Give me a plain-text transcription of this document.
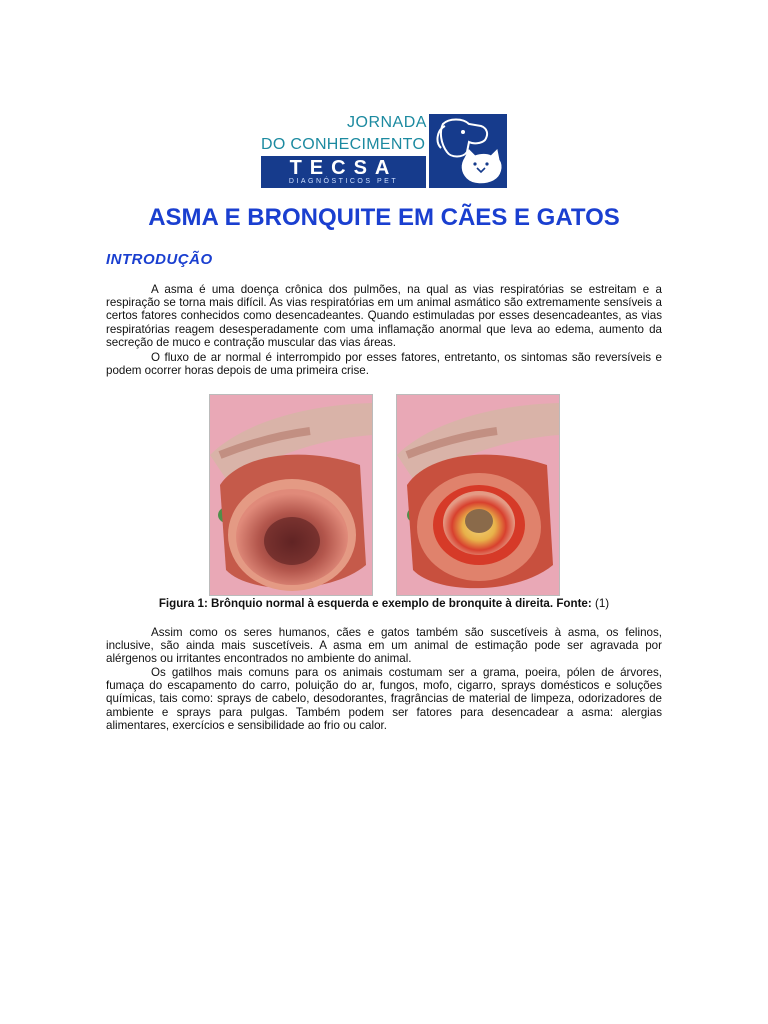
JORNADA
DO CONHECIMENTO
TECSA
DIAGNÓSTICOS PET
ASMA E BRONQUITE EM CÃES E GATOS
INTRODUÇÃO

A asma é uma doença crônica dos pulmões, na qual as vias respiratórias se estreitam e a respiração se torna mais difícil. As vias respiratórias em um animal asmático são extremamente sensíveis a certos fatores conhecidos como desencadeantes. Quando estimuladas por esses desencadeantes, as vias respiratórias reagem desesperadamente com uma inflamação anormal que leva ao edema, aumento da secreção de muco e contração muscular das vias áreas.

O fluxo de ar normal é interrompido por esses fatores, entretanto, os sintomas são reversíveis e podem ocorrer horas depois de uma primeira crise.

Figura 1: Brônquio normal à esquerda e exemplo de bronquite à direita. Fonte: (1)

Assim como os seres humanos, cães e gatos também são suscetíveis à asma, os felinos, inclusive, são ainda mais suscetíveis. A asma em um animal de estimação pode ser agravada por alérgenos ou irritantes encontrados no ambiente do animal.

Os gatilhos mais comuns para os animais costumam ser a grama, poeira, pólen de árvores, fumaça do escapamento do carro, poluição do ar, fungos, mofo, cigarro, sprays domésticos e soluções químicas, tais como: sprays de cabelo, desodorantes, fragrâncias de material de limpeza, odorizadores de ambiente e sprays para pulgas. Também podem ser fatores para desencadear a asma: alergias alimentares, exercícios e sensibilidade ao frio ou calor.
